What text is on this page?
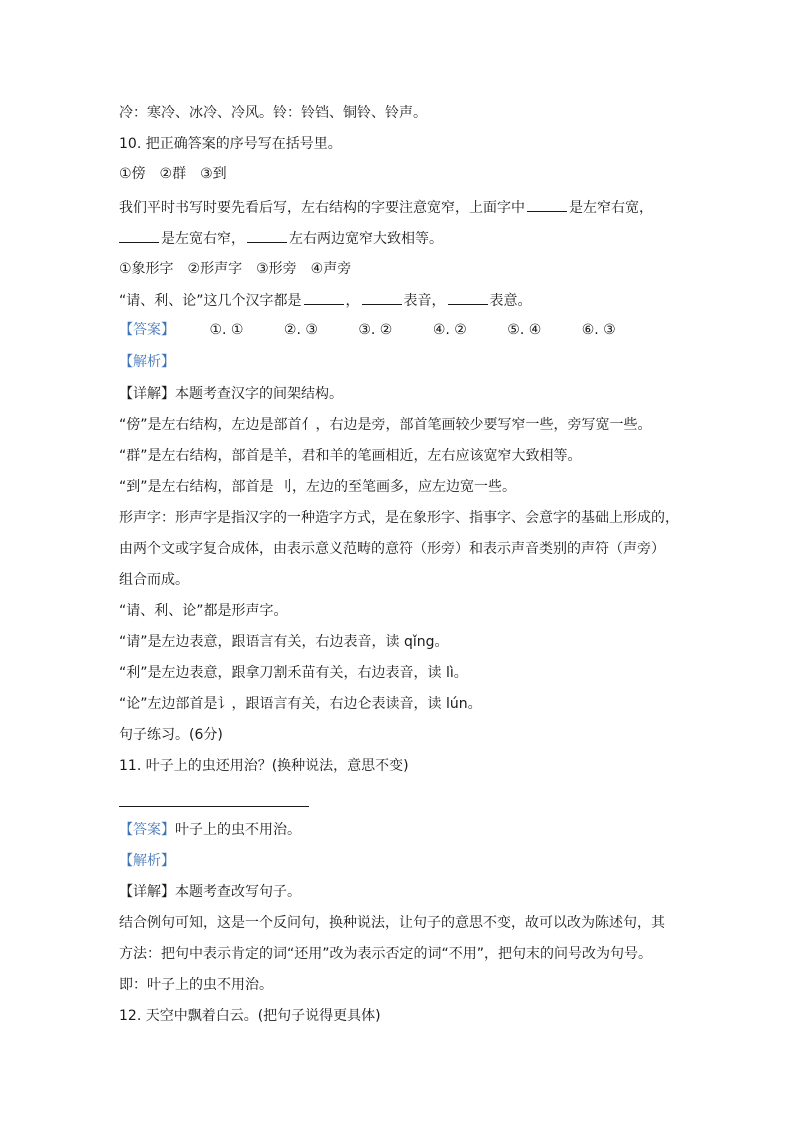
冷：寒冷、冰冷、冷风。铃：铃铛、铜铃、铃声。
10. 把正确答案的序号写在括号里。
①傍　②群　③到
我们平时书写时要先看后写，左右结构的字要注意宽窄，上面字中	是左窄右宽，
是左宽右窄，	左右两边宽窄大致相等。
①象形字　②形声字　③形旁　④声旁
“请、利、论”这几个汉字都是	，	表音，	表意。
【答案】 ①. ①	②. ③	③. ②	④. ②	⑤. ④	⑥. ③
【解析】
【详解】本题考查汉字的间架结构。
“傍”是左右结构，左边是部首亻，右边是旁，部首笔画较少要写窄一些，旁写宽一些。
“群”是左右结构，部首是羊，君和羊的笔画相近，左右应该宽窄大致相等。
“到”是左右结构，部首是 刂，左边的至笔画多，应左边宽一些。
形声字：形声字是指汉字的一种造字方式，是在象形字、指事字、会意字的基础上形成的，
由两个文或字复合成体，由表示意义范畴的意符（形旁）和表示声音类别的声符（声旁）
组合而成。
“请、利、论”都是形声字。
“请”是左边表意，跟语言有关，右边表音，读 qǐng。
“利”是左边表意，跟拿刀割禾苗有关，右边表音，读 lì。
“论”左边部首是讠，跟语言有关，右边仑表读音，读 lún。
句子练习。(6分)
11. 叶子上的虫还用治？(换种说法，意思不变)
【答案】叶子上的虫不用治。
【解析】
【详解】本题考查改写句子。
结合例句可知，这是一个反问句，换种说法，让句子的意思不变，故可以改为陈述句，其
方法：把句中表示肯定的词“还用”改为表示否定的词“不用”，把句末的问号改为句号。
即：叶子上的虫不用治。
12. 天空中飘着白云。(把句子说得更具体)
